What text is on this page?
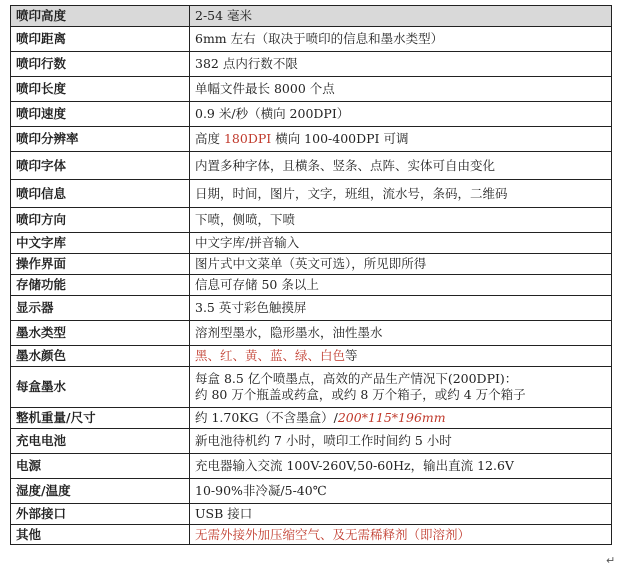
喷印高度	2-54 毫米
喷印距离	6mm 左右（取决于喷印的信息和墨水类型）
喷印行数	382 点内行数不限
喷印长度	单幅文件最长 8000 个点
喷印速度	0.9 米/秒（横向 200DPI）
喷印分辨率	高度 180DPI 横向 100-400DPI 可调
喷印字体	内置多种字体，且横条、竖条、点阵、实体可自由变化
喷印信息	日期，时间，图片，文字，班组，流水号，条码，二维码
喷印方向	下喷，侧喷，下喷
中文字库	中文字库/拼音输入
操作界面	图片式中文菜单（英文可选），所见即所得
存储功能	信息可存储 50 条以上
显示器	3.5 英寸彩色触摸屏
墨水类型	溶剂型墨水，隐形墨水，油性墨水
墨水颜色	黑、红、黄、蓝、绿、白色等
每盒墨水	每盒 8.5 亿个喷墨点，高效的产品生产情况下(200DPI)：
约 80 万个瓶盖或药盒，或约 8 万个箱子，或约 4 万个箱子

整机重量/尺寸	约 1.70KG（不含墨盒）/200*115*196mm
充电电池	新电池待机约 7 小时，喷印工作时间约 5 小时
电源	充电器输入交流 100V-260V,50-60Hz，输出直流 12.6V
湿度/温度	10-90%非冷凝/5-40℃
外部接口	USB 接口
其他	无需外接外加压缩空气、及无需稀释剂（即溶剂）
↵
